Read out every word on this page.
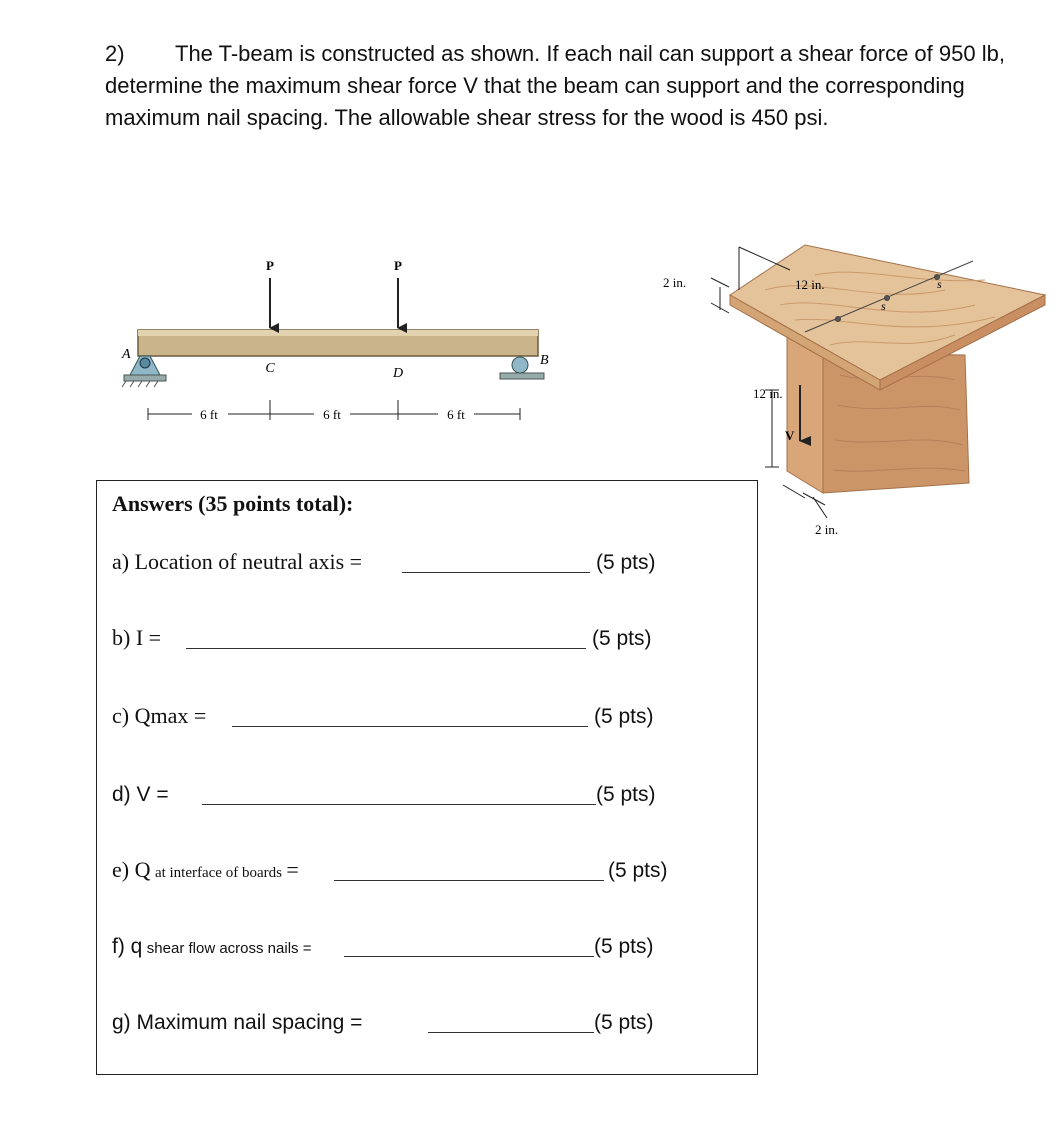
2) The T-beam is constructed as shown. If each nail can support a shear force of 950 lb, determine the maximum shear force V that the beam can support and the corresponding maximum nail spacing. The allowable shear stress for the wood is 450 psi.

P	P
A	B
C	D
6 ft	6 ft	6 ft
s
s
2 in.	12 in.
12 in.
V
2 in.
Answers (35 points total):
a) Location of neutral axis =	(5 pts)
b) I =	(5 pts)
c) Qmax =	(5 pts)
d) V =	(5 pts)
e) Q at interface of boards =	(5 pts)
f) q shear flow across nails =	(5 pts)
g) Maximum nail spacing =	(5 pts)
